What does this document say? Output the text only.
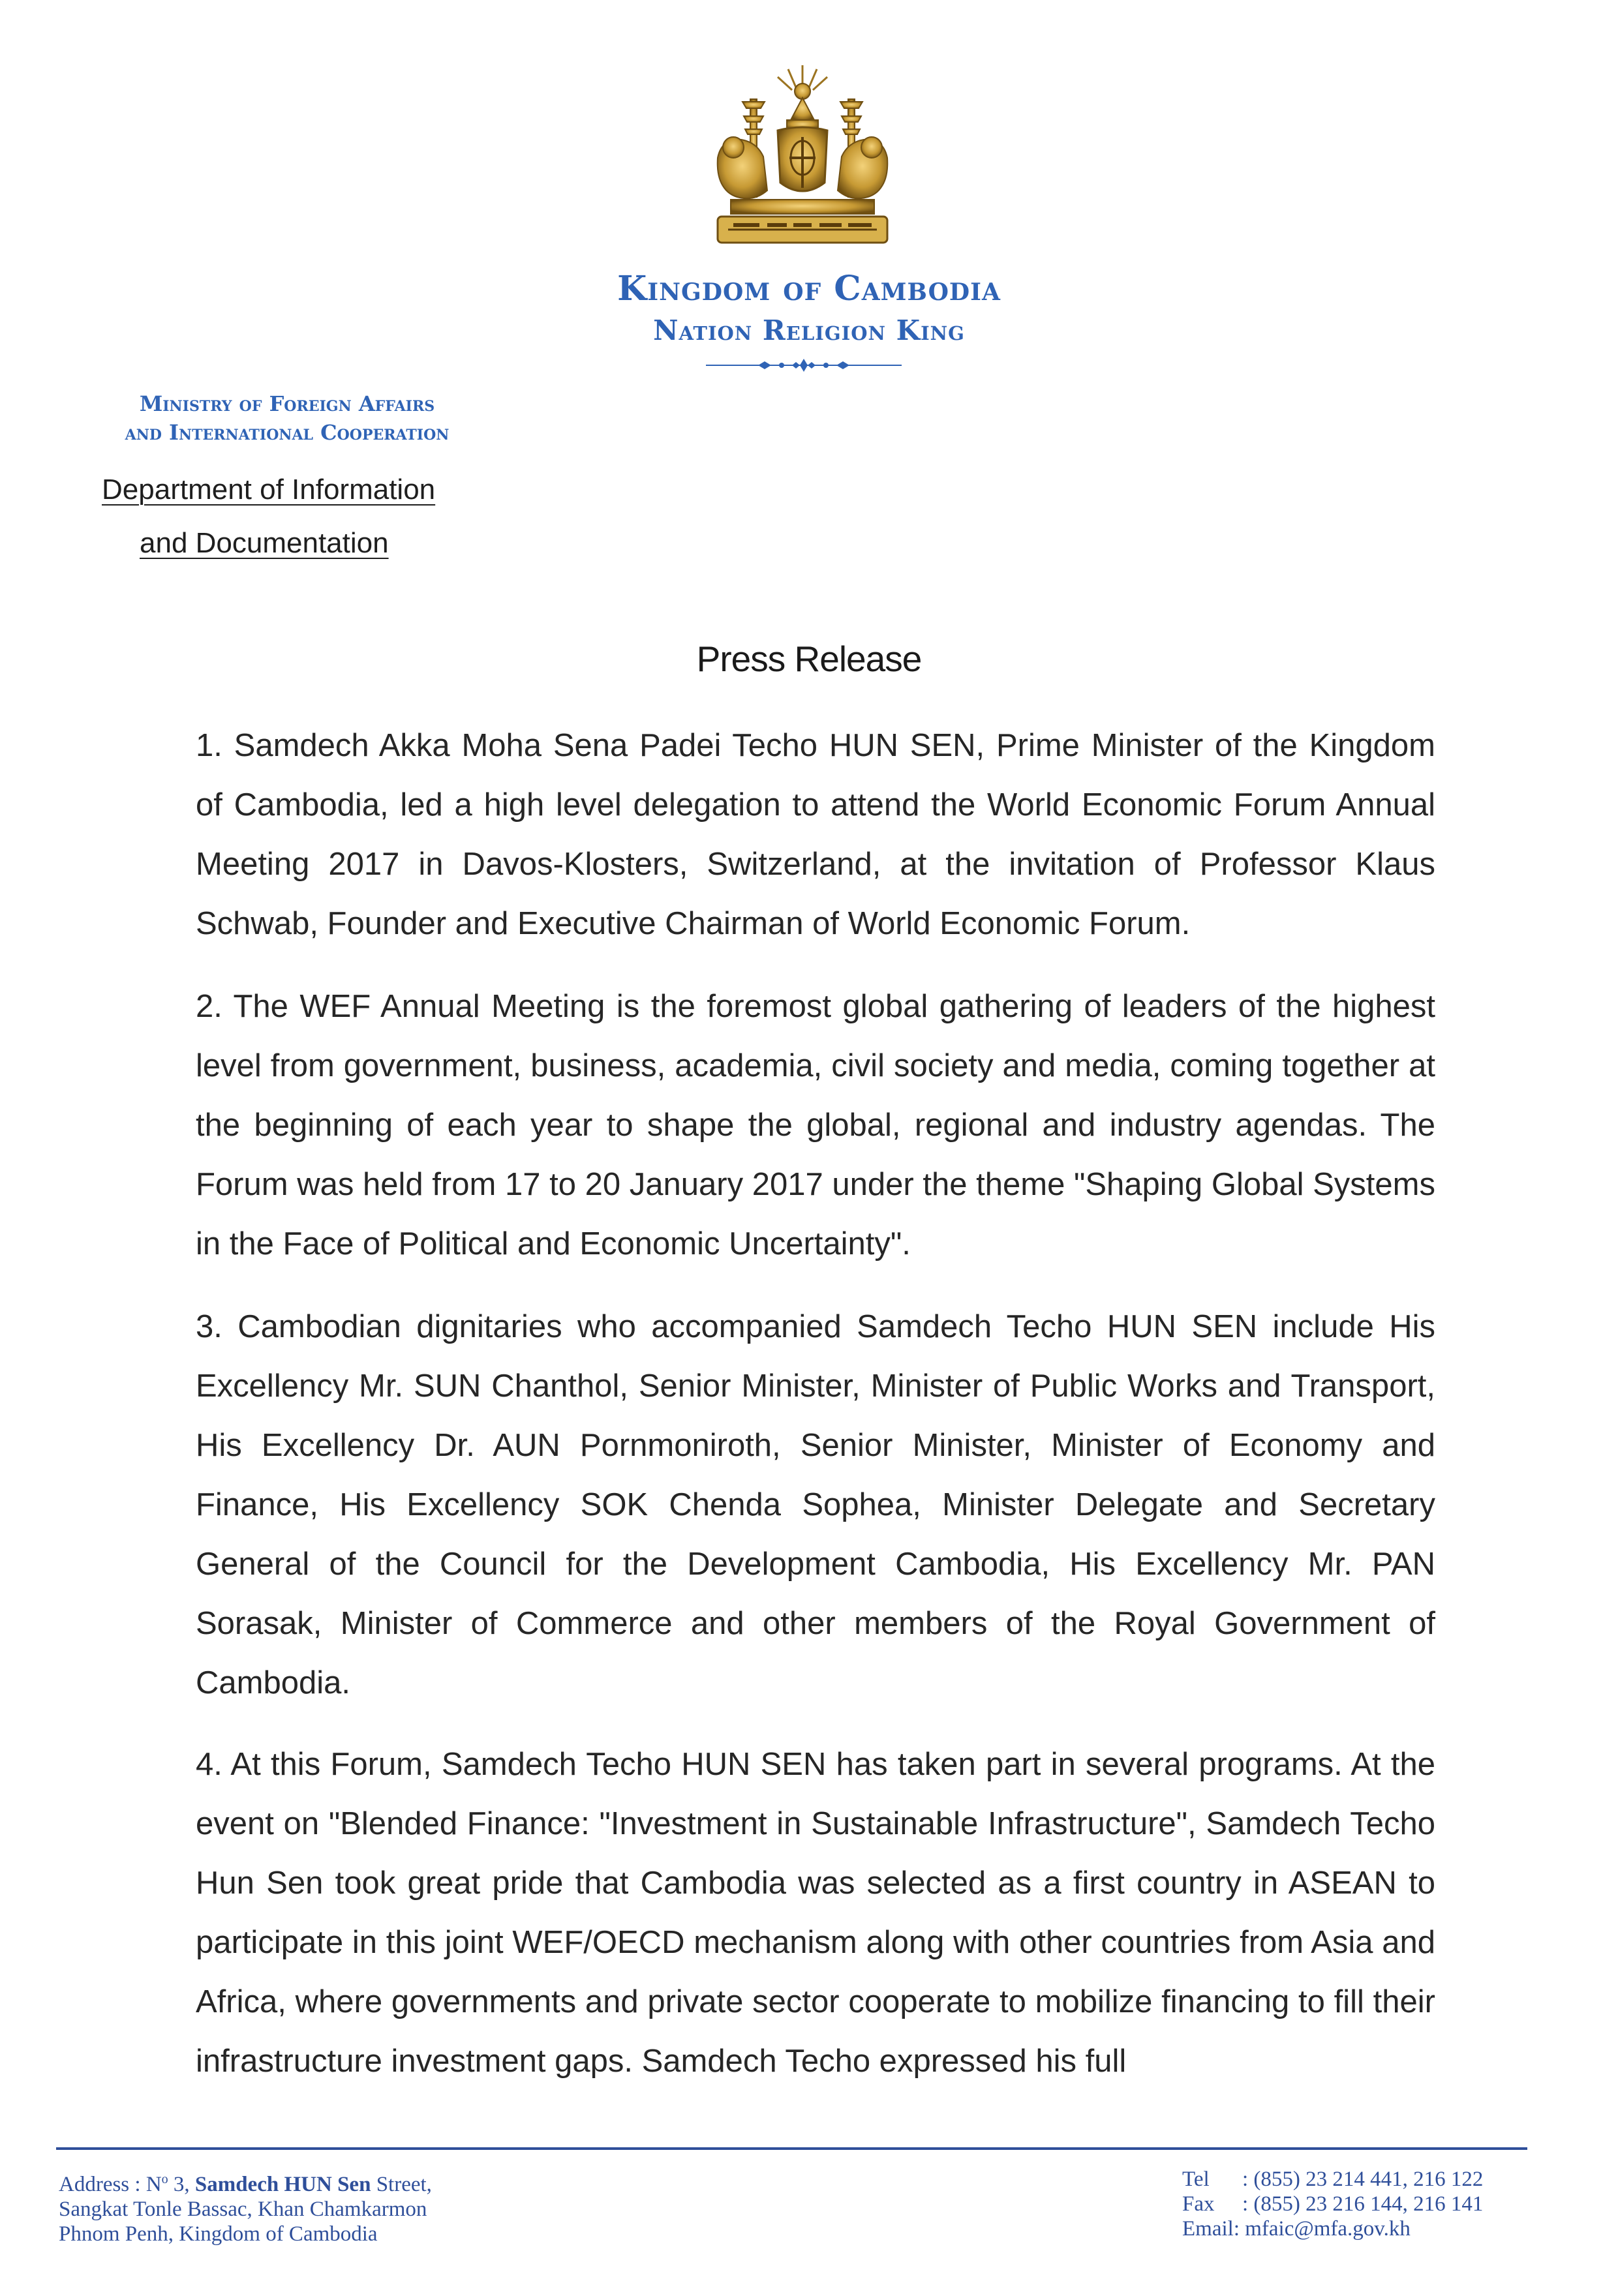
Kingdom of Cambodia
Nation Religion King
Ministry of Foreign Affairs
and International Cooperation
Department of Information
and Documentation
Press Release

1. Samdech Akka Moha Sena Padei Techo HUN SEN, Prime Minister of the Kingdom of Cambodia, led a high level delegation to attend the World Economic Forum Annual Meeting 2017 in Davos-Klosters, Switzerland, at the invitation of Professor Klaus Schwab, Founder and Executive Chairman of World Economic Forum.

2. The WEF Annual Meeting is the foremost global gathering of leaders of the highest level from government, business, academia, civil society and media, coming together at the beginning of each year to shape the global, regional and industry agendas. The Forum was held from 17 to 20 January 2017 under the theme "Shaping Global Systems in the Face of Political and Economic Uncertainty".

3. Cambodian dignitaries who accompanied Samdech Techo HUN SEN include His Excellency Mr. SUN Chanthol, Senior Minister, Minister of Public Works and Transport, His Excellency Dr. AUN Pornmoniroth, Senior Minister, Minister of Economy and Finance, His Excellency SOK Chenda Sophea, Minister Delegate and Secretary General of the Council for the Development Cambodia, His Excellency Mr. PAN Sorasak, Minister of Commerce and other members of the Royal Government of Cambodia.

4. At this Forum, Samdech Techo HUN SEN has taken part in several programs. At the event on "Blended Finance: "Investment in Sustainable Infrastructure", Samdech Techo Hun Sen took great pride that Cambodia was selected as a first country in ASEAN to participate in this joint WEF/OECD mechanism along with other countries from Asia and Africa, where governments and private sector cooperate to mobilize financing to fill their infrastructure investment gaps. Samdech Techo expressed his full

Address : $N^o$ 3, Samdech HUN Sen Street,
Sangkat Tonle Bassac, Khan Chamkarmon
Phnom Penh, Kingdom of Cambodia
Tel	: (855) 23 214 441, 216 122
Fax	: (855) 23 216 144, 216 141
Email : mfaic@mfa.gov.kh
